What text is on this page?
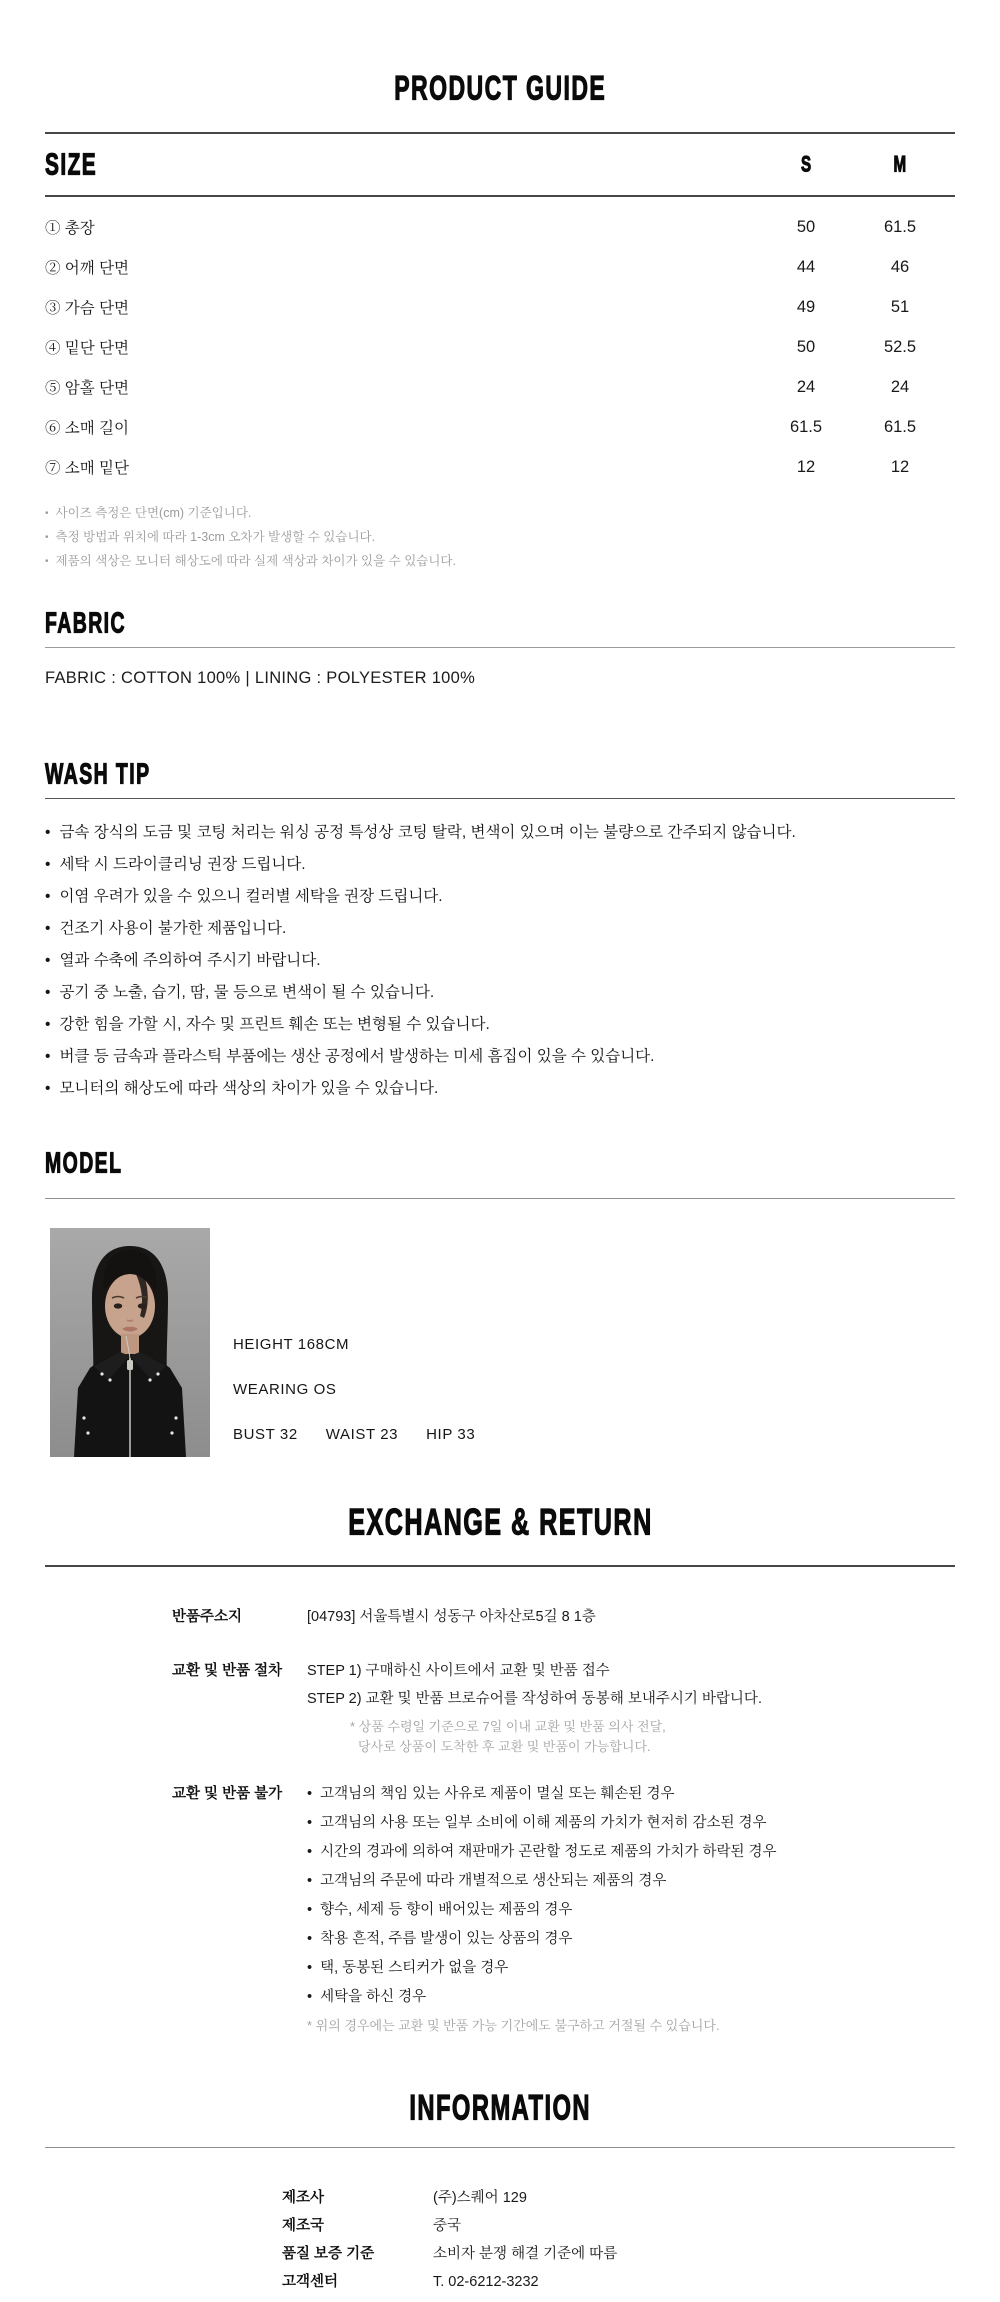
PRODUCT GUIDE
SIZE	S	M
① 총장	50	61.5
② 어깨 단면	44	46
③ 가슴 단면	49	51
④ 밑단 단면	50	52.5
⑤ 암홀 단면	24	24
⑥ 소매 길이	61.5	61.5
⑦ 소매 밑단	12	12
• 사이즈 측정은 단면(cm) 기준입니다.
• 측정 방법과 위치에 따라 1-3cm 오차가 발생할 수 있습니다.
• 제품의 색상은 모니터 해상도에 따라 실제 색상과 차이가 있을 수 있습니다.
FABRIC
FABRIC : COTTON 100% | LINING : POLYESTER 100%
WASH TIP
• 금속 장식의 도금 및 코팅 처리는 워싱 공정 특성상 코팅 탈락, 변색이 있으며 이는 불량으로 간주되지 않습니다.
• 세탁 시 드라이클리닝 권장 드립니다.
• 이염 우려가 있을 수 있으니 컬러별 세탁을 권장 드립니다.
• 건조기 사용이 불가한 제품입니다.
• 열과 수축에 주의하여 주시기 바랍니다.
• 공기 중 노출, 습기, 땀, 물 등으로 변색이 될 수 있습니다.
• 강한 힘을 가할 시, 자수 및 프린트 훼손 또는 변형될 수 있습니다.
• 버클 등 금속과 플라스틱 부품에는 생산 공정에서 발생하는 미세 흠집이 있을 수 있습니다.
• 모니터의 해상도에 따라 색상의 차이가 있을 수 있습니다.
MODEL
HEIGHT 168CM
WEARING OS
BUST 32 WAIST 23 HIP 33
EXCHANGE & RETURN
반품주소지	[04793] 서울특별시 성동구 아차산로5길 8 1층
교환 및 반품 절차	STEP 1) 구매하신 사이트에서 교환 및 반품 접수
STEP 2) 교환 및 반품 브로슈어를 작성하여 동봉해 보내주시기 바랍니다.
* 상품 수령일 기준으로 7일 이내 교환 및 반품 의사 전달,
당사로 상품이 도착한 후 교환 및 반품이 가능합니다.
교환 및 반품 불가	• 고객님의 책임 있는 사유로 제품이 멸실 또는 훼손된 경우
• 고객님의 사용 또는 일부 소비에 이해 제품의 가치가 현저히 감소된 경우
• 시간의 경과에 의하여 재판매가 곤란할 정도로 제품의 가치가 하락된 경우
• 고객님의 주문에 따라 개별적으로 생산되는 제품의 경우
• 향수, 세제 등 향이 배어있는 제품의 경우
• 착용 흔적, 주름 발생이 있는 상품의 경우
• 택, 동봉된 스티커가 없을 경우
• 세탁을 하신 경우
* 위의 경우에는 교환 및 반품 가능 기간에도 불구하고 거절될 수 있습니다.
INFORMATION
제조사	(주)스퀘어 129
제조국	중국
품질 보증 기준	소비자 분쟁 해결 기준에 따름
고객센터	T. 02-6212-3232
